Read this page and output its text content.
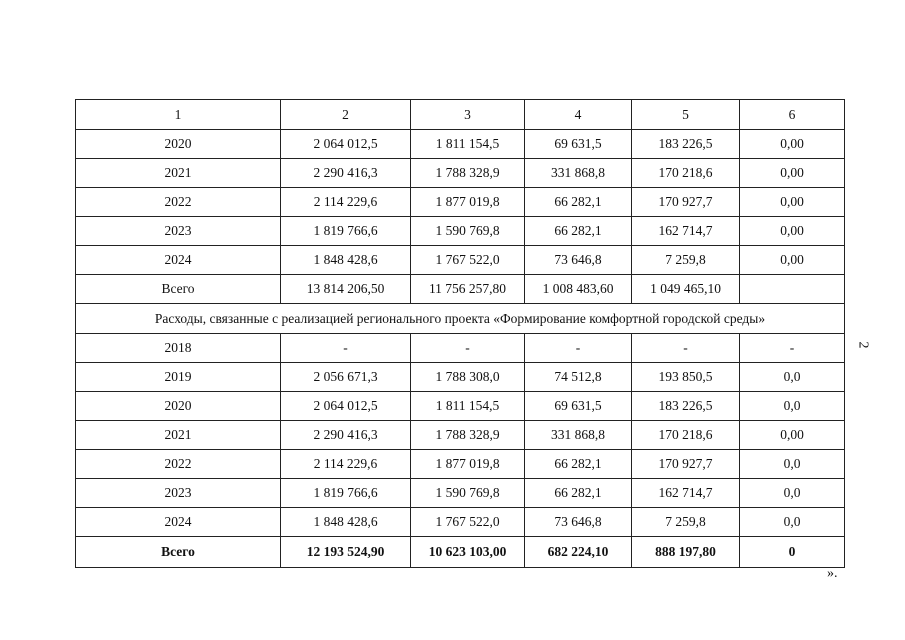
1	2	3	4	5	6
2020	2 064 012,5	1 811 154,5	69 631,5	183 226,5	0,00
2021	2 290 416,3	1 788 328,9	331 868,8	170 218,6	0,00
2022	2 114 229,6	1 877 019,8	66 282,1	170 927,7	0,00
2023	1 819 766,6	1 590 769,8	66 282,1	162 714,7	0,00
2024	1 848 428,6	1 767 522,0	73 646,8	7 259,8	0,00
Всего	13 814 206,50	11 756 257,80	1 008 483,60	1 049 465,10	
Расходы, связанные с реализацией регионального проекта «Формирование комфортной городской среды»					
2018	-	-	-	-	-
2019	2 056 671,3	1 788 308,0	74 512,8	193 850,5	0,0
2020	2 064 012,5	1 811 154,5	69 631,5	183 226,5	0,0
2021	2 290 416,3	1 788 328,9	331 868,8	170 218,6	0,00
2022	2 114 229,6	1 877 019,8	66 282,1	170 927,7	0,0
2023	1 819 766,6	1 590 769,8	66 282,1	162 714,7	0,0
2024	1 848 428,6	1 767 522,0	73 646,8	7 259,8	0,0
Всего	12 193 524,90	10 623 103,00	682 224,10	888 197,80	0
2
».
